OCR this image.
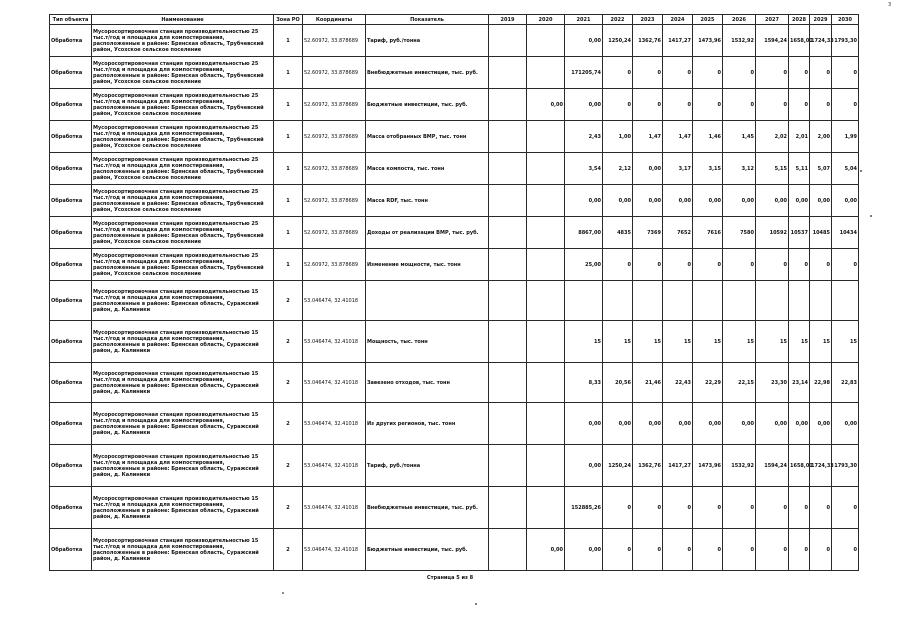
3
Тип объекта	Наименование	Зона РО	Координаты	Показатель	2019	2020	2021	2022	2023	2024	2025	2026	2027	2028	2029	2030
Обработка	Мусоросортировочная станция производительностью 25 тыс.т/год и площадка для компостирования, расположенные в районе: Брянская область, Трубчевский район, Усохское сельское поселение	1	52.60972, 33.878689	Тариф, руб./тонна			0,00	1250,24	1362,76	1417,27	1473,96	1532,92	1594,24	1658,01	1724,33	1793,30
Обработка	Мусоросортировочная станция производительностью 25 тыс.т/год и площадка для компостирования, расположенные в районе: Брянская область, Трубчевский район, Усохское сельское поселение	1	52.60972, 33.878689	Внебюджетные инвестиции, тыс. руб.			171205,74	0	0	0	0	0	0	0	0	0
Обработка	Мусоросортировочная станция производительностью 25 тыс.т/год и площадка для компостирования, расположенные в районе: Брянская область, Трубчевский район, Усохское сельское поселение	1	52.60972, 33.878689	Бюджетные инвестиции, тыс. руб.		0,00	0,00	0	0	0	0	0	0	0	0	0
Обработка	Мусоросортировочная станция производительностью 25 тыс.т/год и площадка для компостирования, расположенные в районе: Брянская область, Трубчевский район, Усохское сельское поселение	1	52.60972, 33.878689	Масса отобранных ВМР, тыс. тонн			2,43	1,00	1,47	1,47	1,46	1,45	2,02	2,01	2,00	1,99
Обработка	Мусоросортировочная станция производительностью 25 тыс.т/год и площадка для компостирования, расположенные в районе: Брянская область, Трубчевский район, Усохское сельское поселение	1	52.60972, 33.878689	Масса компоста, тыс. тонн			3,54	2,12	0,00	3,17	3,15	3,12	5,15	5,11	5,07	5,04
Обработка	Мусоросортировочная станция производительностью 25 тыс.т/год и площадка для компостирования, расположенные в районе: Брянская область, Трубчевский район, Усохское сельское поселение	1	52.60972, 33.878689	Масса RDF, тыс. тонн			0,00	0,00	0,00	0,00	0,00	0,00	0,00	0,00	0,00	0,00
Обработка	Мусоросортировочная станция производительностью 25 тыс.т/год и площадка для компостирования, расположенные в районе: Брянская область, Трубчевский район, Усохское сельское поселение	1	52.60972, 33.878689	Доходы от реализации ВМР, тыс. руб.			8867,00	4835	7369	7652	7616	7580	10592	10537	10485	10434
Обработка	Мусоросортировочная станция производительностью 25 тыс.т/год и площадка для компостирования, расположенные в районе: Брянская область, Трубчевский район, Усохское сельское поселение	1	52.60972, 33.878689	Изменение мощности, тыс. тонн			25,00	0	0	0	0	0	0	0	0	0
Обработка	Мусоросортировочная станция производительностью 15 тыс.т/год и площадка для компостирования, расположенные в районе: Брянская область, Суражский район, д. Калиники	2	53.046474, 32.41018													
Обработка	Мусоросортировочная станция производительностью 15 тыс.т/год и площадка для компостирования, расположенные в районе: Брянская область, Суражский район, д. Калиники	2	53.046474, 32.41018	Мощность, тыс. тонн			15	15	15	15	15	15	15	15	15	15
Обработка	Мусоросортировочная станция производительностью 15 тыс.т/год и площадка для компостирования, расположенные в районе: Брянская область, Суражский район, д. Калиники	2	53.046474, 32.41018	Завезено отходов, тыс. тонн			8,33	20,56	21,46	22,43	22,29	22,15	23,30	23,14	22,98	22,83
Обработка	Мусоросортировочная станция производительностью 15 тыс.т/год и площадка для компостирования, расположенные в районе: Брянская область, Суражский район, д. Калиники	2	53.046474, 32.41018	Из других регионов, тыс. тонн			0,00	0,00	0,00	0,00	0,00	0,00	0,00	0,00	0,00	0,00
Обработка	Мусоросортировочная станция производительностью 15 тыс.т/год и площадка для компостирования, расположенные в районе: Брянская область, Суражский район, д. Калиники	2	53.046474, 32.41018	Тариф, руб./тонна			0,00	1250,24	1362,76	1417,27	1473,96	1532,92	1594,24	1658,01	1724,33	1793,30
Обработка	Мусоросортировочная станция производительностью 15 тыс.т/год и площадка для компостирования, расположенные в районе: Брянская область, Суражский район, д. Калиники	2	53.046474, 32.41018	Внебюджетные инвестиции, тыс. руб.			152885,26	0	0	0	0	0	0	0	0	0
Обработка	Мусоросортировочная станция производительностью 15 тыс.т/год и площадка для компостирования, расположенные в районе: Брянская область, Суражский район, д. Калиники	2	53.046474, 32.41018	Бюджетные инвестиции, тыс. руб.		0,00	0,00	0	0	0	0	0	0	0	0	0
Страница 5 из 8
